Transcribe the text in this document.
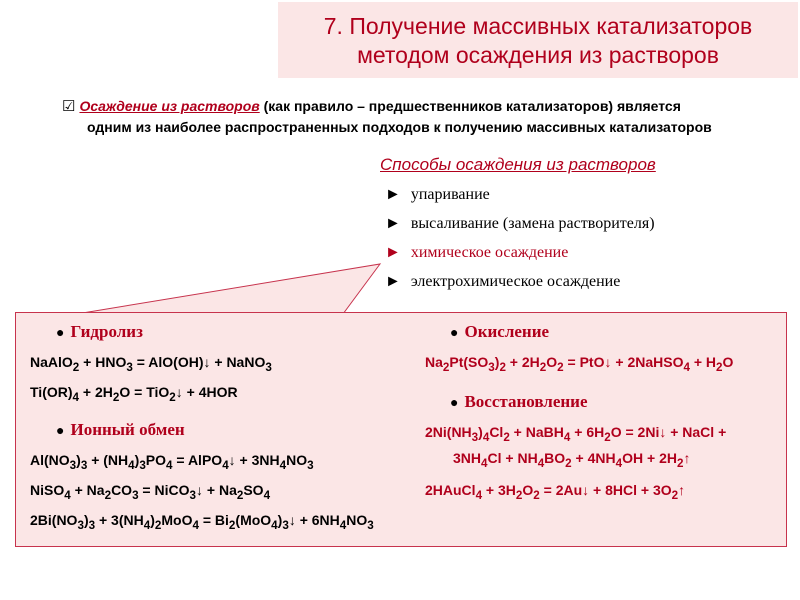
7. Получение массивных катализаторов
методом осаждения из растворов
☑ Осаждение из растворов (как правило – предшественников катализаторов) является
одним из наиболее распространенных подходов к получению массивных катализаторов
Способы осаждения из растворов
► упаривание
► высаливание (замена растворителя)
► химическое осаждение
► электрохимическое осаждение
● Гидролиз
NaAlO$_2$ + $HNO_3$ = AlO(OH)↓ + NaNO$_3$
$Ti(OR)_4 + 2H_2O$ = TiO$_2$↓ + 4HOR
● Ионный обмен
$Al(NO_3)_3 + (NH_4)_3PO_4$ = AlPO$_4$↓ + $3NH_4NO_3$
NiSO$_4$ + $Na_2CO_3$ = NiCO$_3$↓ + $Na_2SO_4$
$2Bi(NO_3)_3 + 3(NH_4)_2MoO_4$ = $Bi_2(MoO_4)_3↓ + 6NH_4NO_3$
● Окисление
$Na_2Pt(SO_3)_2 + 2H_2O_2$ = PtO↓ + 2NaHSO$_4$ + $H_2O$
● Восстановление
$2Ni(NH_3)_4Cl_2$ + NaBH$_4$ + $6H_2O$ = 2Ni↓ + NaCl +
$3NH_4Cl + NH_4BO_2 + 4NH_4OH$ + $2H_2↑$
2HAuCl$_4$ + $3H_2O_2$ = 2Au↓ + $8HCl + 3O_2↑$
